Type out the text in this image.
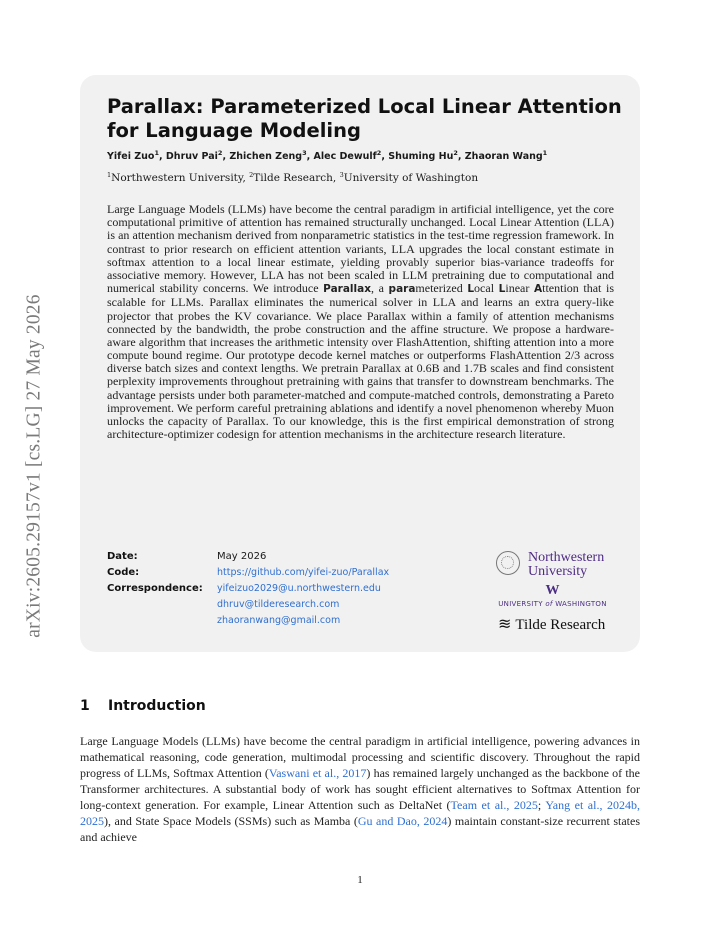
arXiv:2605.29157v1 [cs.LG] 27 May 2026
Parallax: Parameterized Local Linear Attention for Language Modeling
Yifei Zuo$^1$, Dhruv Pai$^2$, Zhichen Zeng$^3$, Alec Dewulf$^2$, Shuming Hu$^2$, Zhaoran Wang$^1$
$^1$Northwestern University, $^2$Tilde Research, $^3$University of Washington

Large Language Models (LLMs) have become the central paradigm in artificial intelligence, yet the core computational primitive of attention has remained structurally unchanged. Local Linear Attention (LLA) is an attention mechanism derived from nonparametric statistics in the test-time regression framework. In contrast to prior research on efficient attention variants, LLA upgrades the local constant estimate in softmax attention to a local linear estimate, yielding provably superior bias-variance tradeoffs for associative memory. However, LLA has not been scaled in LLM pretraining due to computational and numerical stability concerns. We introduce Parallax, a parameterized Local Linear Attention that is scalable for LLMs. Parallax eliminates the numerical solver in LLA and learns an extra query-like projector that probes the KV covariance. We place Parallax within a family of attention mechanisms connected by the bandwidth, the probe construction and the affine structure. We propose a hardware-aware algorithm that increases the arithmetic intensity over FlashAttention, shifting attention into a more compute bound regime. Our prototype decode kernel matches or outperforms FlashAttention 2/3 across diverse batch sizes and context lengths. We pretrain Parallax at 0.6B and 1.7B scales and find consistent perplexity improvements throughout pretraining with gains that transfer to downstream benchmarks. The advantage persists under both parameter-matched and compute-matched controls, demonstrating a Pareto improvement. We perform careful pretraining ablations and identify a novel phenomenon whereby Muon unlocks the capacity of Parallax. To our knowledge, this is the first empirical demonstration of strong architecture-optimizer codesign for attention mechanisms in the architecture research literature.

Date:	May 2026
Code:	https://github.com/yifei-zuo/Parallax
Correspondence:	yifeizuo2029@u.northwestern.edu
dhruv@tilderesearch.com
zhaoranwang@gmail.com
Northwestern
University
W
UNIVERSITY of WASHINGTON
≋ Tilde Research
1 Introduction

Large Language Models (LLMs) have become the central paradigm in artificial intelligence, powering advances in mathematical reasoning, code generation, multimodal processing and scientific discovery. Throughout the rapid progress of LLMs, Softmax Attention (Vaswani et al., 2017) has remained largely unchanged as the backbone of the Transformer architectures. A substantial body of work has sought efficient alternatives to Softmax Attention for long-context generation. For example, Linear Attention such as DeltaNet (Team et al., 2025; Yang et al., 2024b, 2025), and State Space Models (SSMs) such as Mamba (Gu and Dao, 2024) maintain constant-size recurrent states and achieve

1
